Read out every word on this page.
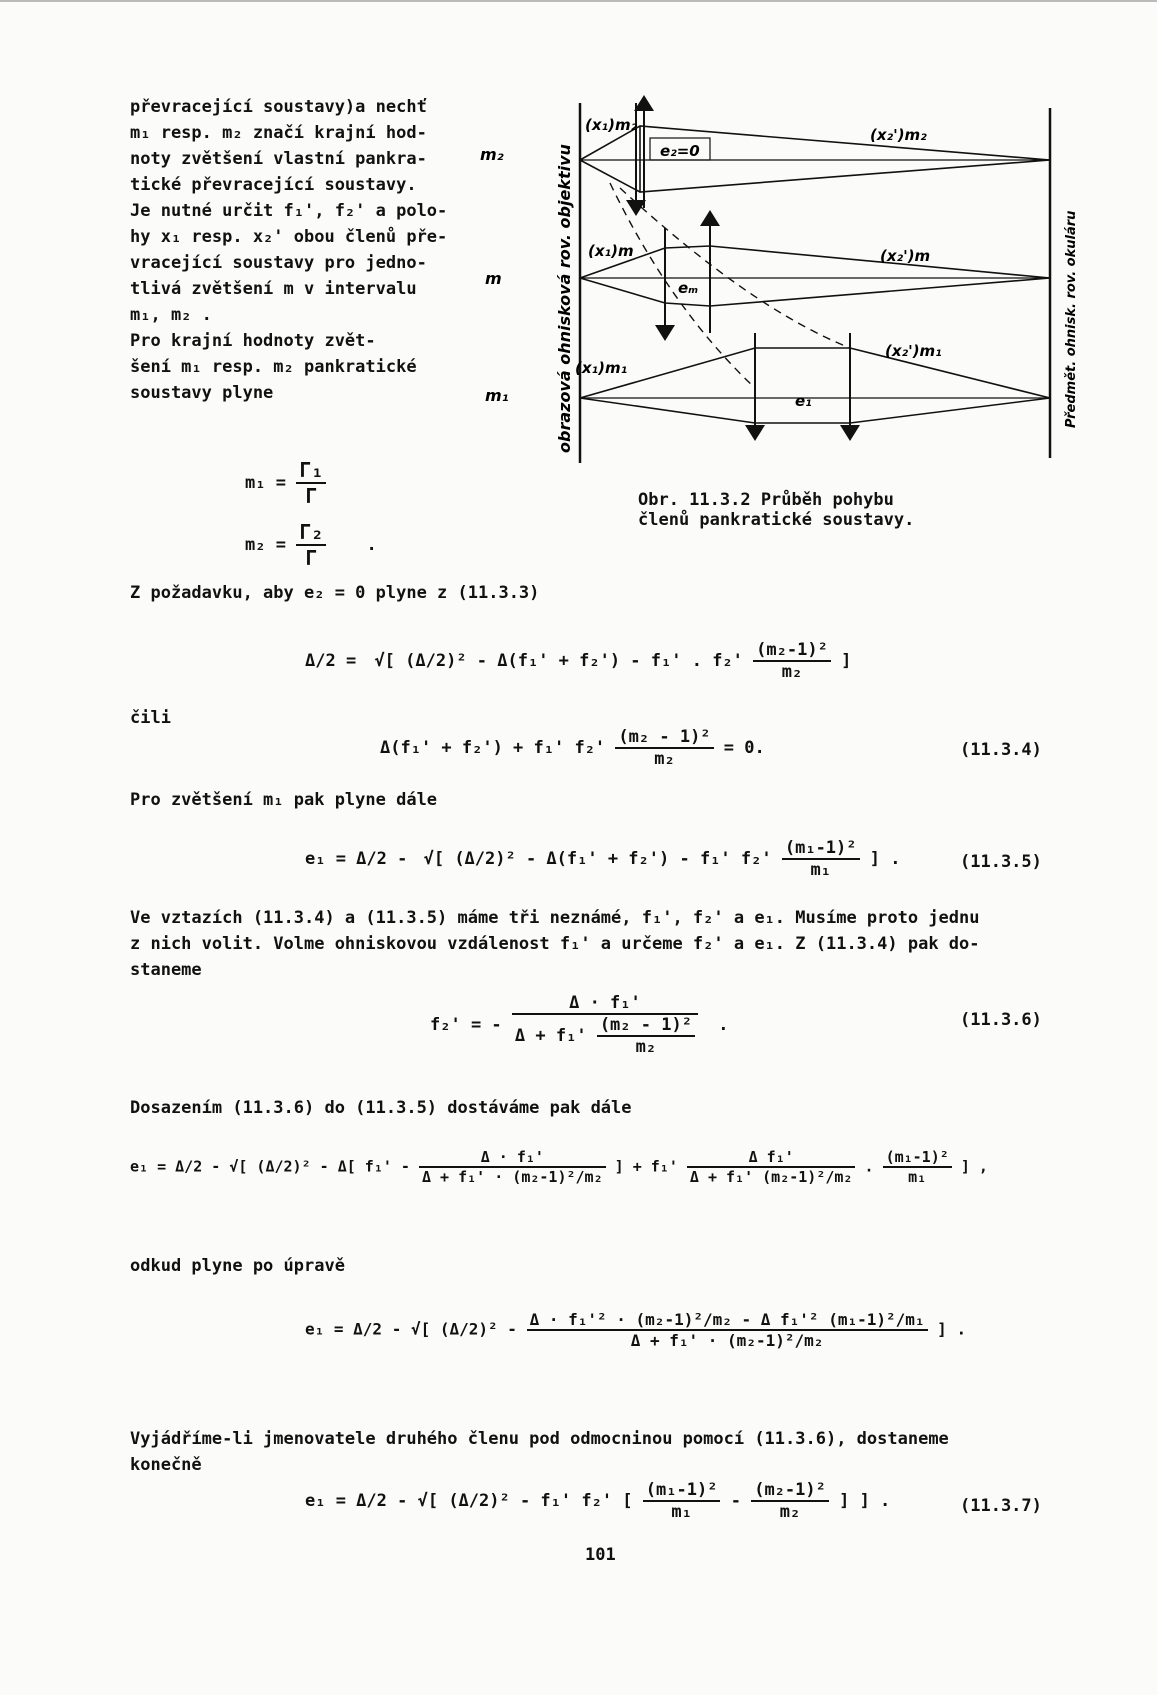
převracející soustavy)a nechť

m₁ resp. m₂ značí krajní hod-

noty zvětšení vlastní pankra-

tické převracející soustavy.

Je nutné určit f₁', f₂' a polo-

hy x₁ resp. x₂' obou členů pře-

vracející soustavy pro jedno-

tlivá zvětšení m v intervalu

m₁, m₂ .

Pro krajní hodnoty zvět-

šení m₁ resp. m₂ pankratické

soustavy plyne

$m_1 = \frac{\text{Γ₁}}{\Gamma}$
$m_2 = \frac{\text{Γ₂}}{\Gamma}$ .
obrazová ohnisková rov. objektivu	Předmět. ohnisk. rov. okuláru
m₂
m
m₁
(x₁)m₂
e₂=0
(x₂')m₂
(x₁)m
eₘ
(x₂')m
(x₁)m₁
e₁
(x₂')m₁
Obr. 11.3.2 Průběh pohybu
členů pankratické soustavy.
Z požadavku, aby e₂ = 0 plyne z (11.3.3)
Δ/2 = √[ (Δ/2)² - Δ(f₁' + f₂') - f₁' . $f_2' \frac{\text{(m₂-1)²}}{\text{m₂}}$ ]
čili
Δ(f₁' + f₂') + f₁' $f_2' \frac{\text{(m₂ - 1)²}}{\text{m₂}} = 0$.	(11.3.4)
Pro zvětšení m₁ pak plyne dále
e₁ = Δ/2 - √[ (Δ/2)² - Δ(f₁' + f₂') - f₁' $f_2' \frac{\text{(m₁-1)²}}{\text{m₁}}$ ] .	(11.3.5)

Ve vztazích (11.3.4) a (11.3.5) máme tři neznámé, f₁', f₂' a e₁. Musíme proto jednu

z nich volit. Volme ohniskovou vzdálenost f₁' a určeme f₂' a e₁. Z (11.3.4) pak do-

staneme

f₂' = - $\frac{\text{Δ · f₁'}}{\Delta + f_1' \frac{\text{(m₂ - 1)²}}{\text{m₂}}}$ .	(11.3.6)
Dosazením (11.3.6) do (11.3.5) dostáváme pak dále
e₁ = Δ/2 - √[ (Δ/2)² - Δ[ $f_1' - \frac{\text{Δ · f₁'}}{\text{Δ + f₁' · (m₂-1)²/m₂}}$ ] + $f_1' \frac{\text{Δ f₁'}}{\text{Δ + f₁' (m₂-1)²/m₂}}$ . $\frac{\text{(m₁-1)²}}{\text{m₁}}$ ] ,
odkud plyne po úpravě
e₁ = Δ/2 - √[ $(\Delta/2)^2 - \frac{\text{Δ · f₁'² · (m₂-1)²/m₂ - Δ f₁'² (m₁-1)²/m₁}}{\text{Δ + f₁' · (m₂-1)²/m₂}}$ ] .

Vyjádříme-li jmenovatele druhého členu pod odmocninou pomocí (11.3.6), dostaneme

konečně

e₁ = Δ/2 - √[ (Δ/2)² - f₁' f₂' [ $\frac{\text{(m₁-1)²}}{\text{m₁}} - \frac{\text{(m₂-1)²}}{\text{m₂}}$ ] ] .	(11.3.7)
101
